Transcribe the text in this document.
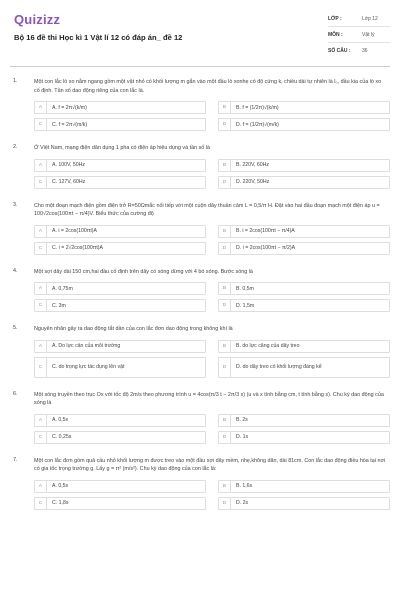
Quizizz
Bộ 16 đề thi Học kì 1 Vật lí 12 có đáp án_ đề 12
LỚP :	Lớp 12
MÔN :	Vật lý
SỐ CÂU :	36
1.	Một con lắc lò xo nằm ngang gồm một vật nhỏ có khối lượng m gắn vào một đầu lò xonhẹ có độ cứng k, chiều dài tự nhiên là l₀, đầu kia của lò xo cố định. Tần số dao động riêng của con lắc là.
A	A. f = 2π√(k/m)	B	B. f = (1/2π)√(k/m)
C	C. f = 2π√(m/k)	D	D. f = (1/2π)√(m/k)
2.	Ở Việt Nam, mạng điện dân dụng 1 pha có điện áp hiệu dụng và tần số là
A	A. 100V, 50Hz	B	B. 220V, 60Hz
C	C. 127V, 60Hz	D	D. 220V, 50Hz
3.	Cho một đoạn mạch điện gồm điện trở R=50Ωmắc nối tiếp với một cuộn dây thuần cảm L = 0,5/π H. Đặt vào hai đầu đoạn mạch một điện áp u = 100√2cos(100πt − π/4)V. Biểu thức của cường độ
A	A. i = 2cos(100πt)A	B	B. i = 2cos(100πt − π/4)A
C	C. i = 2√2cos(100πt)A	D	D. i = 2cos(100πt − π/2)A
4.	Một sợi dây dài 150 cm,hai đầu cố định trên dây có sóng dừng với 4 bó sóng. Bước sóng là
A	A. 0,75m	B	B. 0,5m
C	C. 3m	D	D. 1,5m
5.	Nguyên nhân gây ra dao động tắt dần của con lắc đơn dao động trong không khí là
A	A. Do lực cản của môi trường	B	B. do lực căng của dây treo
C	C. do trọng lực tác dụng lên vật	D	D. do dây treo có khối lượng đáng kể
6.	Một sóng truyền theo trục Ox với tốc độ 2m/s theo phương trình u = 4cos(π/3 t − 2π/3 x) (u và x tính bằng cm, t tính bằng s). Chu kỳ dao động của sóng là
A	A. 0,5s	B	B. 2s
C	C. 0,25s	D	D. 1s
7.	Một con lắc đơn gồm quả cầu nhỏ khối lượng m được treo vào một đầu sợi dây mềm, nhẹ,không dãn, dài 81cm. Con lắc dao động điều hòa tại nơi có gia tốc trọng trường g. Lấy g = π² (m/s²). Chu kỳ dao động của con lắc là:
A	A. 0,5s	B	B. 1,6s
C	C. 1,8s	D	D. 2s
